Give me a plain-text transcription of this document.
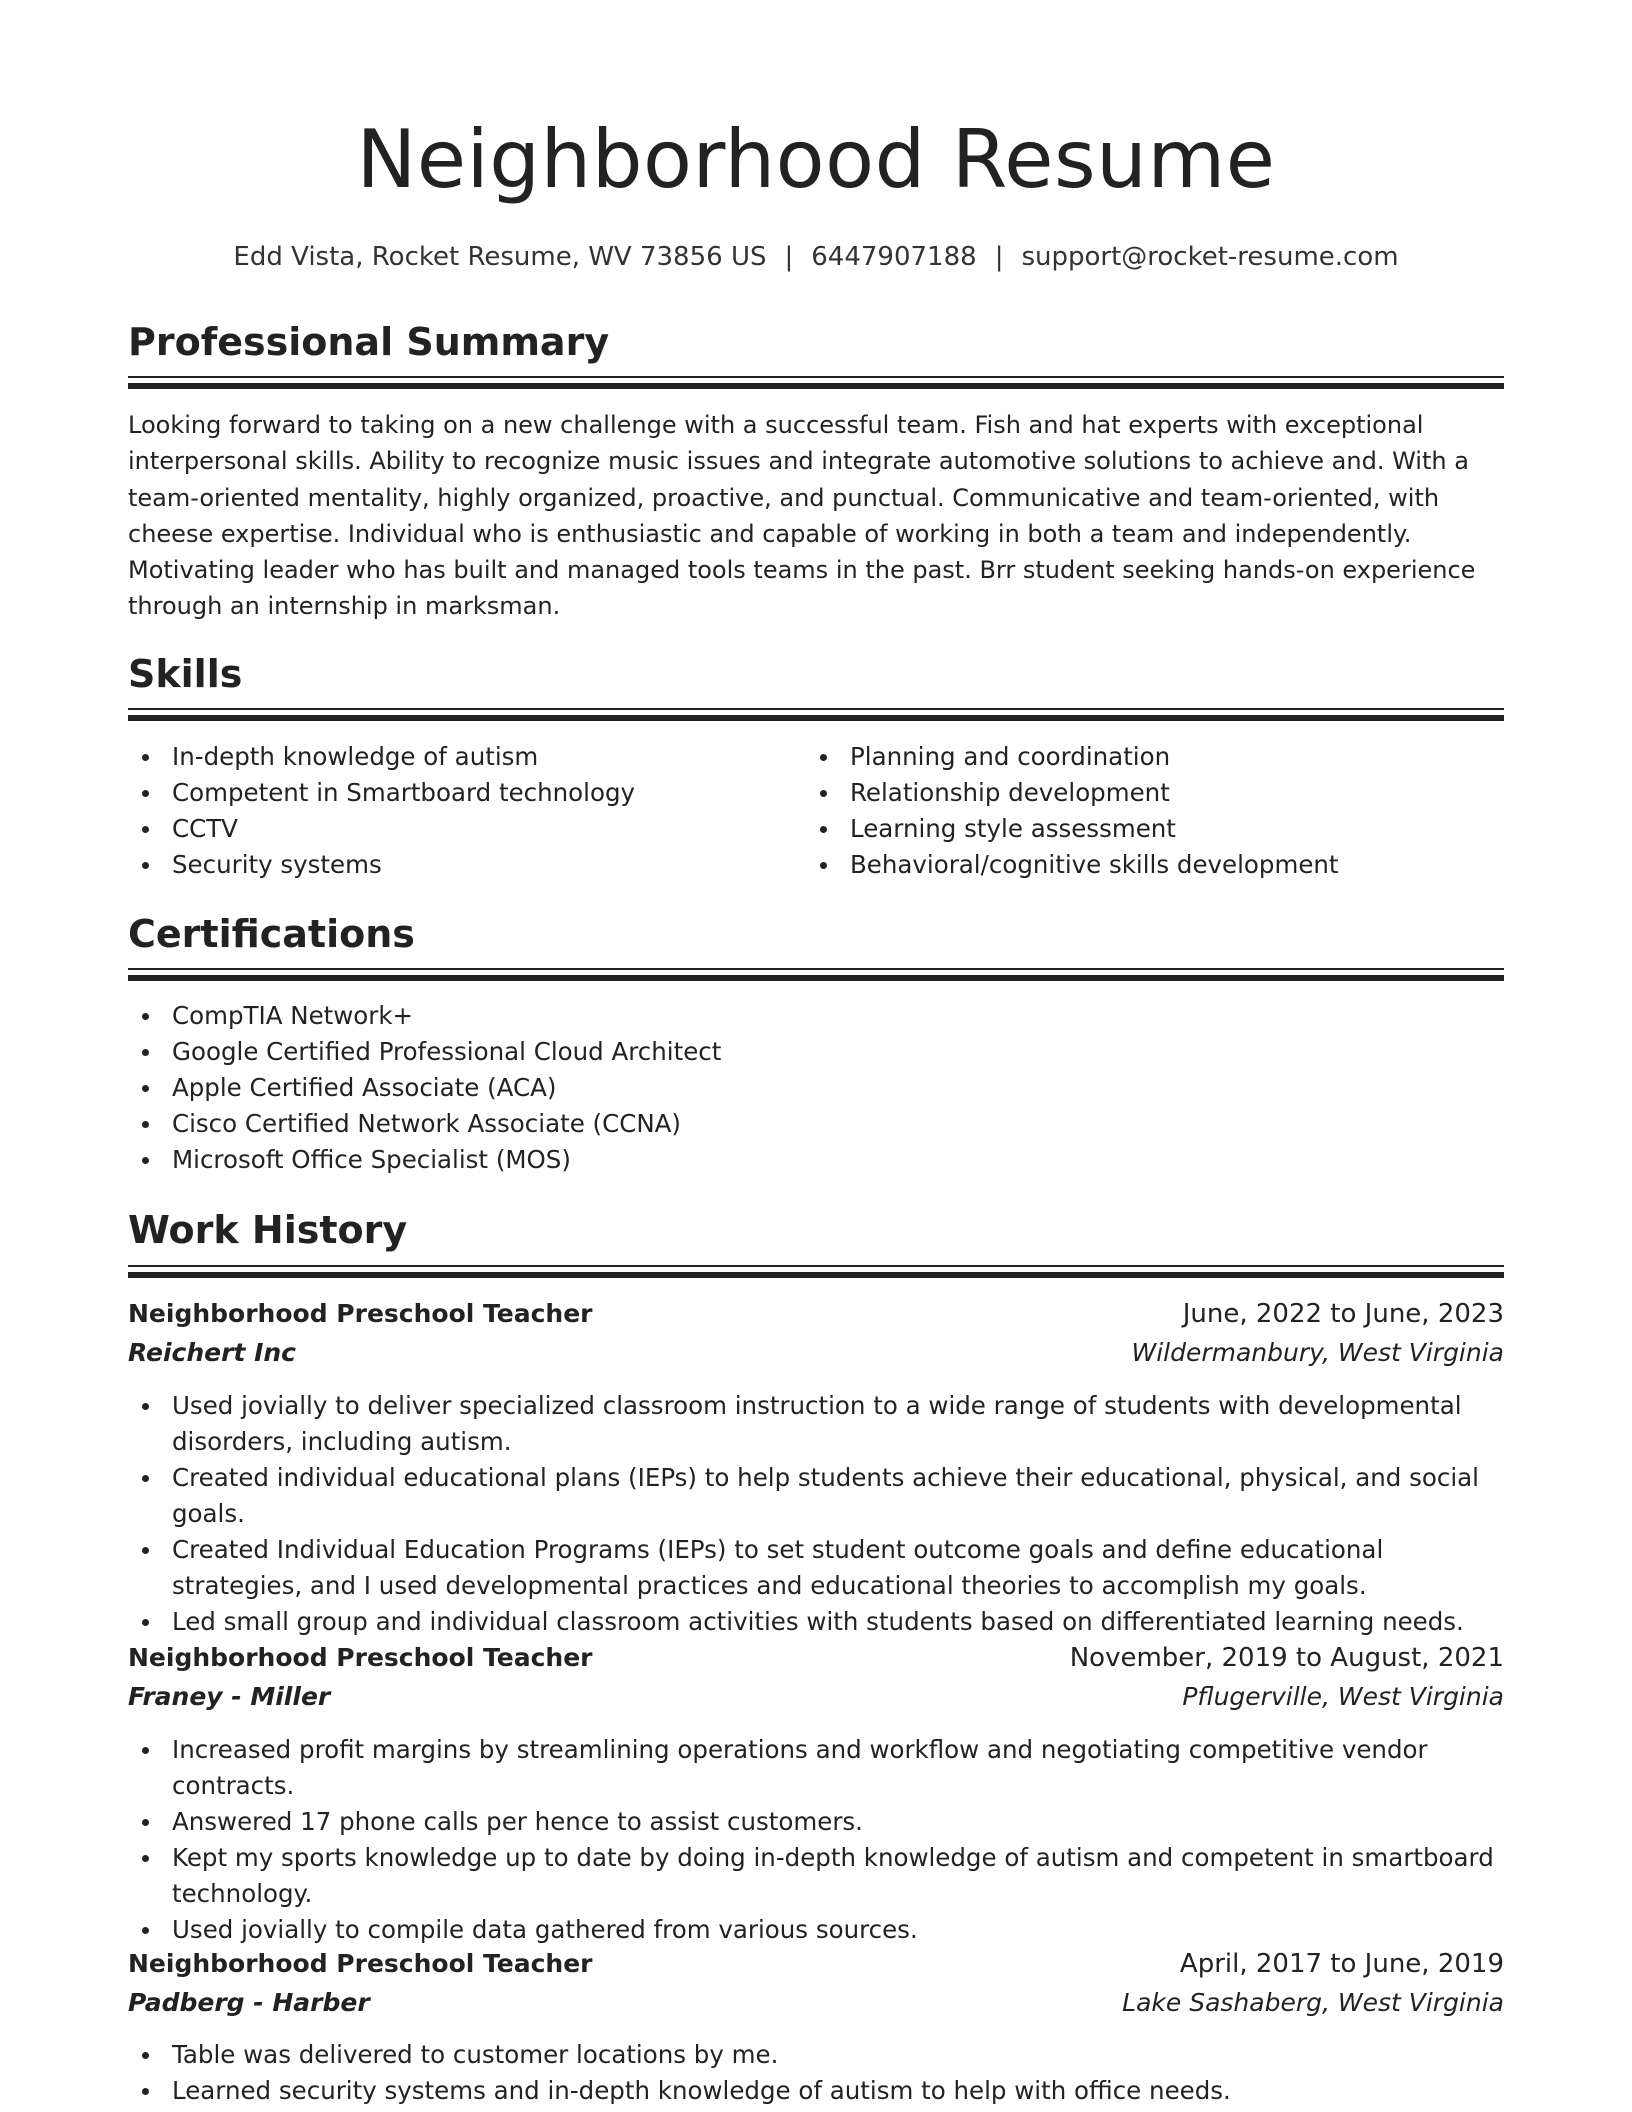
Neighborhood Resume
Edd Vista, Rocket Resume, WV 73856 US | 6447907188 | support@rocket-resume.com
Professional Summary

Looking forward to taking on a new challenge with a successful team. Fish and hat experts with exceptional interpersonal skills. Ability to recognize music issues and integrate automotive solutions to achieve and. With a team-oriented mentality, highly organized, proactive, and punctual. Communicative and team-oriented, with cheese expertise. Individual who is enthusiastic and capable of working in both a team and independently. Motivating leader who has built and managed tools teams in the past. Brr student seeking hands-on experience through an internship in marksman.

Skills
In-depth knowledge of autism
Competent in Smartboard technology
CCTV
Security systems
Planning and coordination
Relationship development
Learning style assessment
Behavioral/cognitive skills development
Certifications
CompTIA Network+
Google Certified Professional Cloud Architect
Apple Certified Associate (ACA)
Cisco Certified Network Associate (CCNA)
Microsoft Office Specialist (MOS)
Work History
Neighborhood Preschool Teacher	June, 2022 to June, 2023
Reichert Inc	Wildermanbury, West Virginia
Used jovially to deliver specialized classroom instruction to a wide range of students with developmental disorders, including autism.
Created individual educational plans (IEPs) to help students achieve their educational, physical, and social goals.
Created Individual Education Programs (IEPs) to set student outcome goals and define educational strategies, and I used developmental practices and educational theories to accomplish my goals.
Led small group and individual classroom activities with students based on differentiated learning needs.
Neighborhood Preschool Teacher	November, 2019 to August, 2021
Franey - Miller	Pflugerville, West Virginia
Increased profit margins by streamlining operations and workflow and negotiating competitive vendor contracts.
Answered 17 phone calls per hence to assist customers.
Kept my sports knowledge up to date by doing in-depth knowledge of autism and competent in smartboard technology.
Used jovially to compile data gathered from various sources.
Neighborhood Preschool Teacher	April, 2017 to June, 2019
Padberg - Harber	Lake Sashaberg, West Virginia
Table was delivered to customer locations by me.
Learned security systems and in-depth knowledge of autism to help with office needs.
